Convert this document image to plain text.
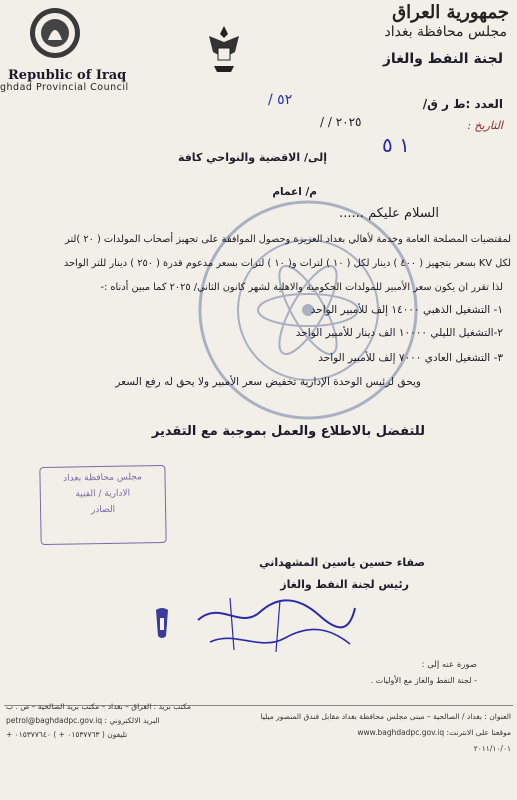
Republic of Iraq
ghdad Provincial Council
جمهورية العراق
مجلس محافظة بغداد
لجنة النفط والغاز
العدد :ط ر ق/
٥٢ /
التاريخ :
٢٠٢٥ / /
١ ٥
إلى/ الاقضية والنواحي كافة
م/ اعمام
السلام عليكم ......
لمقتضيات المصلحة العامة وخدمة لأهالي بغداد العزيزة وحصول الموافقة على تجهيز أصحاب المولدات ( ٢٠ )لتر
لكل KV بسعر بتجهيز ( ٤٠٠ ) دينار لكل ( ١٠ ) لترات و( ١٠ ) لترات بسعر مدعوم قدرة ( ٢٥٠ ) دينار للتر الواحد
لذا تقرر ان يكون سعر الأمبير للمولدات الحكومية والاهلية لشهر كانون الثاني/ ٢٠٢٥ كما مبين أدناه :-
١- التشغيل الذهبي ١٤٠٠٠ إلف للأمبير الواحد
٢-التشغيل الليلي ١٠٠٠٠ الف دينار للأمبير الواحد
٣- التشغيل العادي ٧٠٠٠ إلف للأمبير الواحد
ويحق لرئيس الوحدة الإدارية تخفيض سعر الأمبير ولا يحق له رفع السعر
للتفضل بالاطلاع والعمل بموجبة مع التقدير
مجلس محافظة بغداد
الادارية / الفنية
الصادر
صفاء حسين ياسين المشهداني
رئيس لجنة النفط والغاز
صورة عنه إلى :
- لجنة النفط والغاز مع الأوليات .
العنوان : بغداد / الصالحية – مبنى مجلس محافظة بغداد مقابل فندق المنصور ميليا
موقعنا على الانترنت: www.baghdadpc.gov.iq
٢٠١١/١٠/٠١
مكتب بريد : العراق – بغداد – مكتب بريد الصالحية – ص . ب
البريد الالكتروني : petrol@baghdadpc.gov.iq
تليفون ( ٠١٥٣٧٧٦٣ + ) ٠١٥٣٧٧٦٤٠ +
